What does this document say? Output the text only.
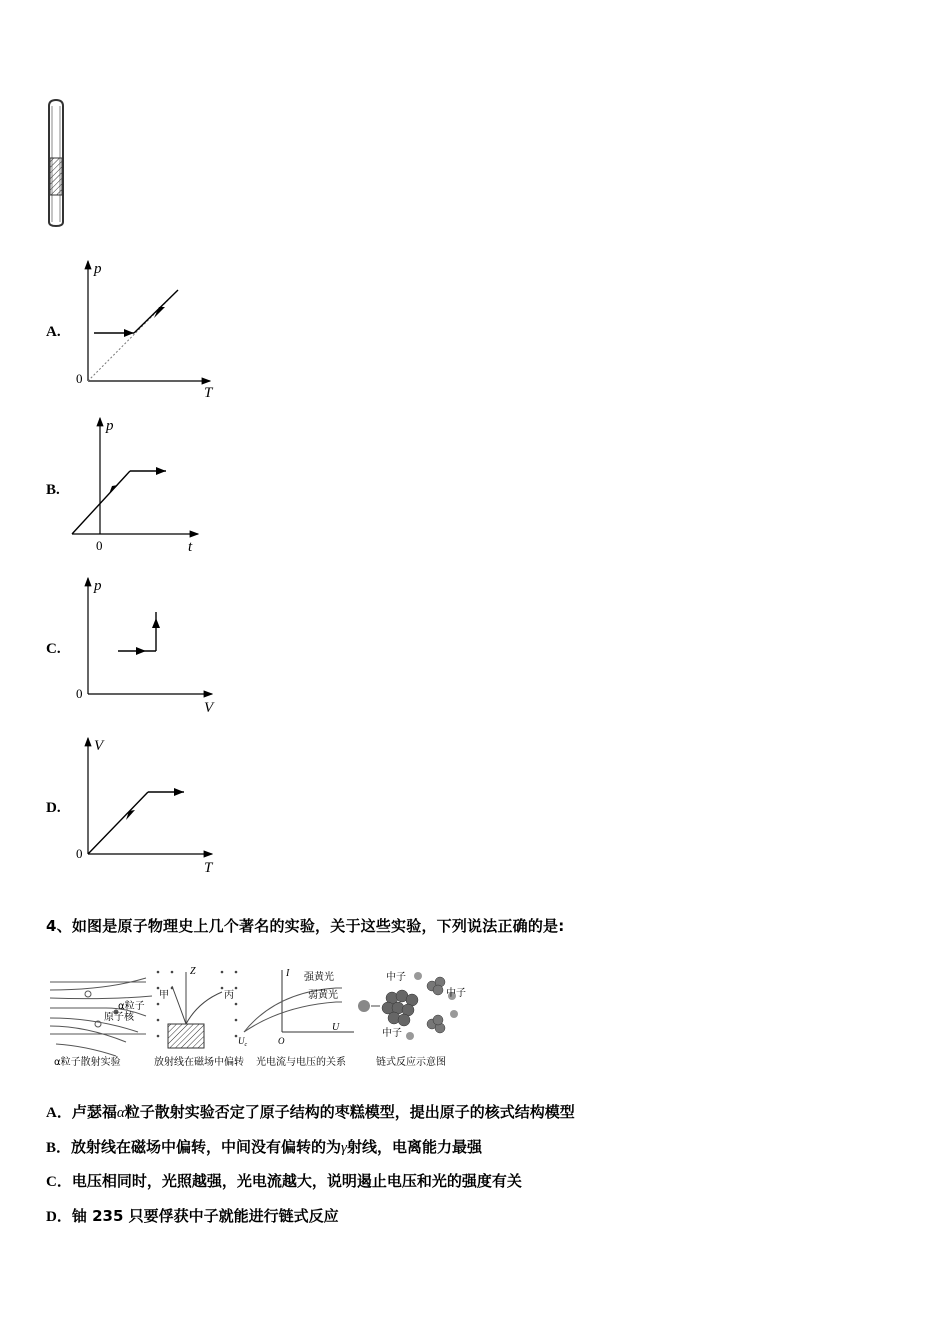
A.
p
T
0
B.
p
t
0
C.
p
V
0
D.
V
T
0
4、如图是原子物理史上几个著名的实验，关于这些实验，下列说法正确的是:
α粒子
原子核
α粒子散射实验
Z
甲	丙
放射线在磁场中偏转
I
U
强黄光
弱黄光
$U_c$	O
光电流与电压的关系
中子
中子
中子
链式反应示意图
A．卢瑟福α粒子散射实验否定了原子结构的枣糕模型，提出原子的核式结构模型
B．放射线在磁场中偏转，中间没有偏转的为γ射线，电离能力最强
C．电压相同时，光照越强，光电流越大，说明遏止电压和光的强度有关
D．铀 235 只要俘获中子就能进行链式反应
